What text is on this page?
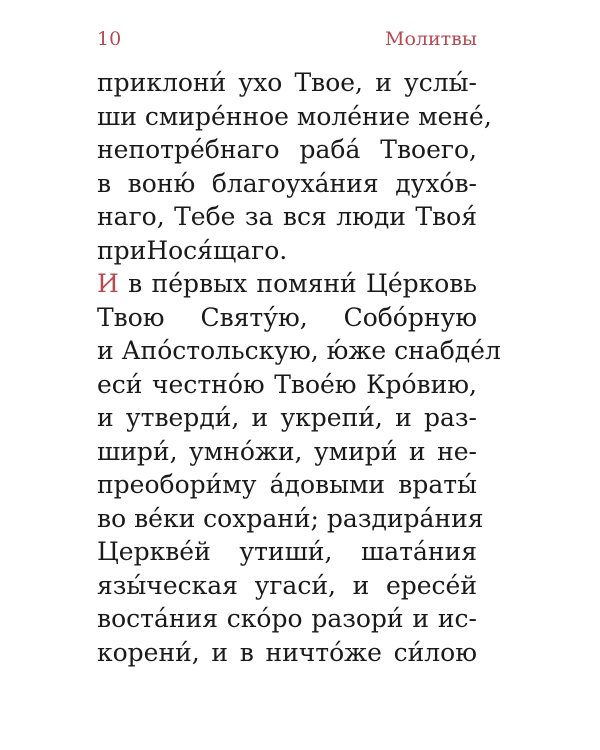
10	Молитвы
приклони́ ухо Твое, и услы́-
ши смире́нное моле́ние мене́,
непотре́бнаго раба́ Твоего,
в воню́ благоуха́ния духо́в-
наго, Тебе за вся люди Твоя́
приНося́щаго.
И в пе́рвых помяни́ Це́рковь
Твою Святу́ю, Собо́рную
и Апо́стольскую, ю́же снабде́л
еси́ честно́ю Твое́ю Кро́вию,
и утверди́, и укрепи́, и раз-
шири́, умно́жи, умири́ и не-
преобори́му а́довыми враты́
во ве́ки сохрани́; раздира́ния
Церкве́й утиши́, шата́ния
язы́ческая угаси́, и ересе́й
воста́ния ско́ро разори́ и ис-
корени́, и в ничто́же си́лою
